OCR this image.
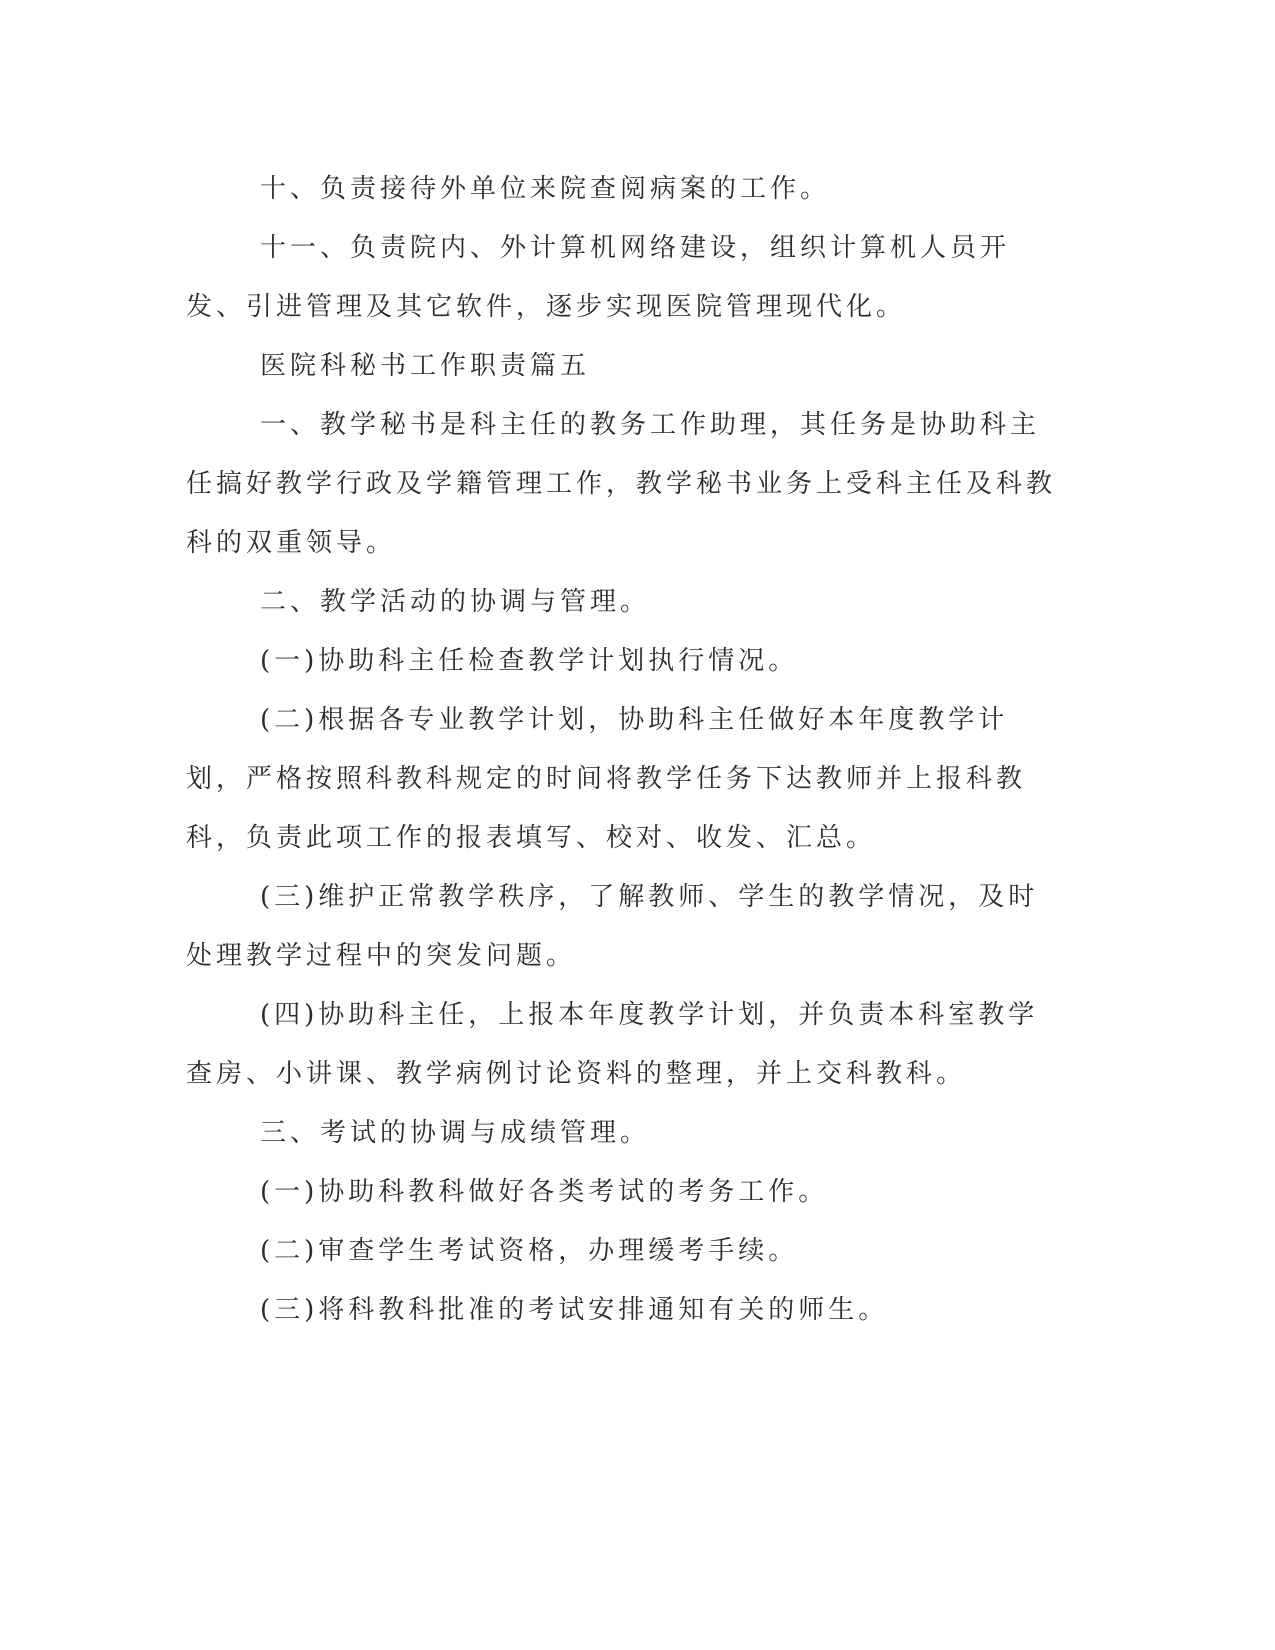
十、负责接待外单位来院查阅病案的工作。

十一、负责院内、外计算机网络建设，组织计算机人员开发、引进管理及其它软件，逐步实现医院管理现代化。

医院科秘书工作职责篇五

一、教学秘书是科主任的教务工作助理，其任务是协助科主任搞好教学行政及学籍管理工作，教学秘书业务上受科主任及科教科的双重领导。

二、教学活动的协调与管理。

(一)协助科主任检查教学计划执行情况。

(二)根据各专业教学计划，协助科主任做好本年度教学计划，严格按照科教科规定的时间将教学任务下达教师并上报科教科，负责此项工作的报表填写、校对、收发、汇总。

(三)维护正常教学秩序，了解教师、学生的教学情况，及时处理教学过程中的突发问题。

(四)协助科主任，上报本年度教学计划，并负责本科室教学查房、小讲课、教学病例讨论资料的整理，并上交科教科。

三、考试的协调与成绩管理。

(一)协助科教科做好各类考试的考务工作。

(二)审查学生考试资格，办理缓考手续。

(三)将科教科批准的考试安排通知有关的师生。
